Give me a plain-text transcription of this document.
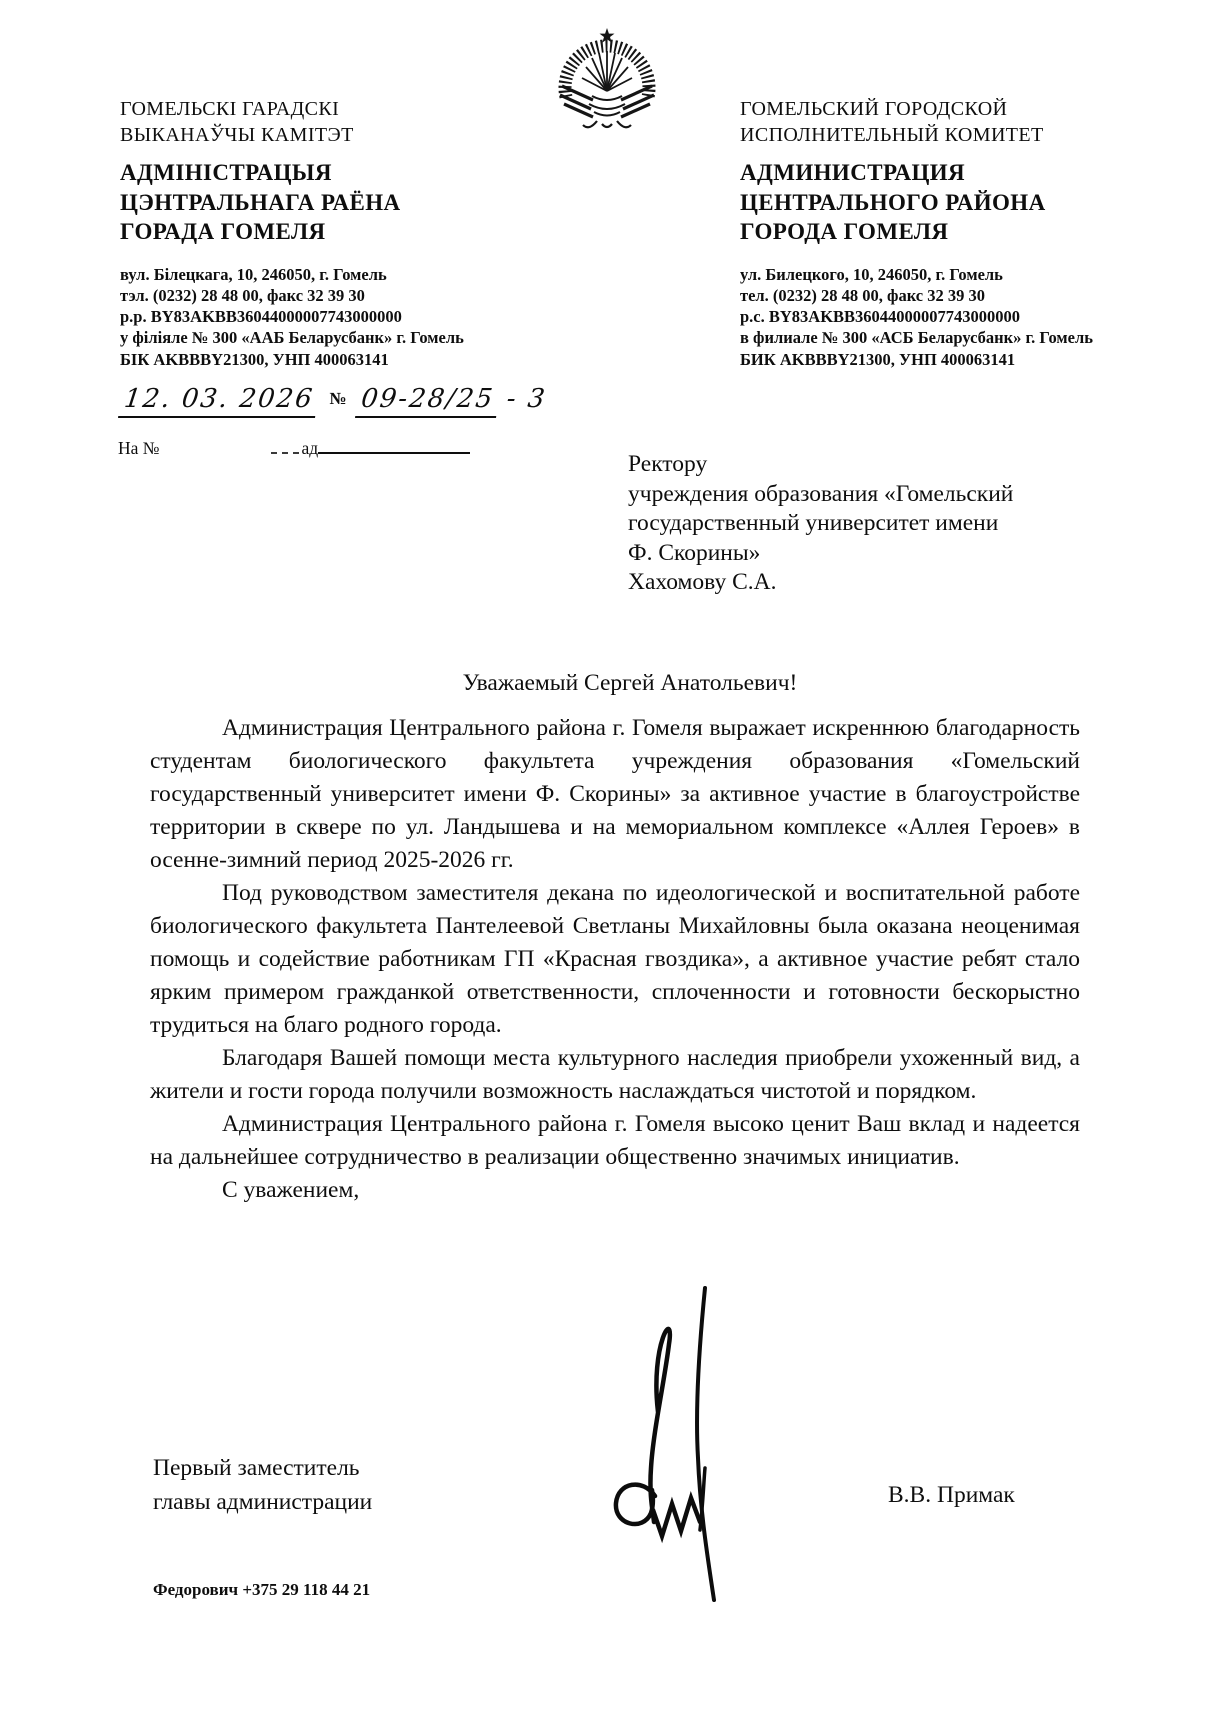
ГОМЕЛЬСКІ ГАРАДСКІ
ВЫКАНАЎЧЫ КАМІТЭТ
АДМІНІСТРАЦЫЯ
ЦЭНТРАЛЬНАГА РАЁНА
ГОРАДА ГОМЕЛЯ
вул. Білецкага, 10, 246050, г. Гомель
тэл. (0232) 28 48 00, факс 32 39 30
р.р. BY83AKBB36044000007743000000
у філіяле № 300 «ААБ Беларусбанк» г. Гомель
БІК AKBBBY21300, УНП 400063141
ГОМЕЛЬСКИЙ ГОРОДСКОЙ
ИСПОЛНИТЕЛЬНЫЙ КОМИТЕТ
АДМИНИСТРАЦИЯ
ЦЕНТРАЛЬНОГО РАЙОНА
ГОРОДА ГОМЕЛЯ
ул. Билецкого, 10, 246050, г. Гомель
тел. (0232) 28 48 00, факс 32 39 30
р.с. BY83AKBB36044000007743000000
в филиале № 300 «АСБ Беларусбанк» г. Гомель
БИК AKBBBY21300, УНП 400063141
12. 03. 2026 № 09-28/25 - 3
На №	ад
Ректору
учреждения образования «Гомельский
государственный университет имени
Ф. Скорины»
Хахомову С.А.
Уважаемый Сергей Анатольевич!

Администрация Центрального района г. Гомеля выражает искреннюю благодарность студентам биологического факультета учреждения образования «Гомельский государственный университет имени Ф. Скорины» за активное участие в благоустройстве территории в сквере по ул. Ландышева и на мемориальном комплексе «Аллея Героев» в осенне-зимний период 2025-2026 гг.

Под руководством заместителя декана по идеологической и воспитательной работе биологического факультета Пантелеевой Светланы Михайловны была оказана неоценимая помощь и содействие работникам ГП «Красная гвоздика», а активное участие ребят стало ярким примером гражданкой ответственности, сплоченности и готовности бескорыстно трудиться на благо родного города.

Благодаря Вашей помощи места культурного наследия приобрели ухоженный вид, а жители и гости города получили возможность наслаждаться чистотой и порядком.

Администрация Центрального района г. Гомеля высоко ценит Ваш вклад и надеется на дальнейшее сотрудничество в реализации общественно значимых инициатив.

С уважением,

Первый заместитель
главы администрации	В.В. Примак
Федорович +375 29 118 44 21
